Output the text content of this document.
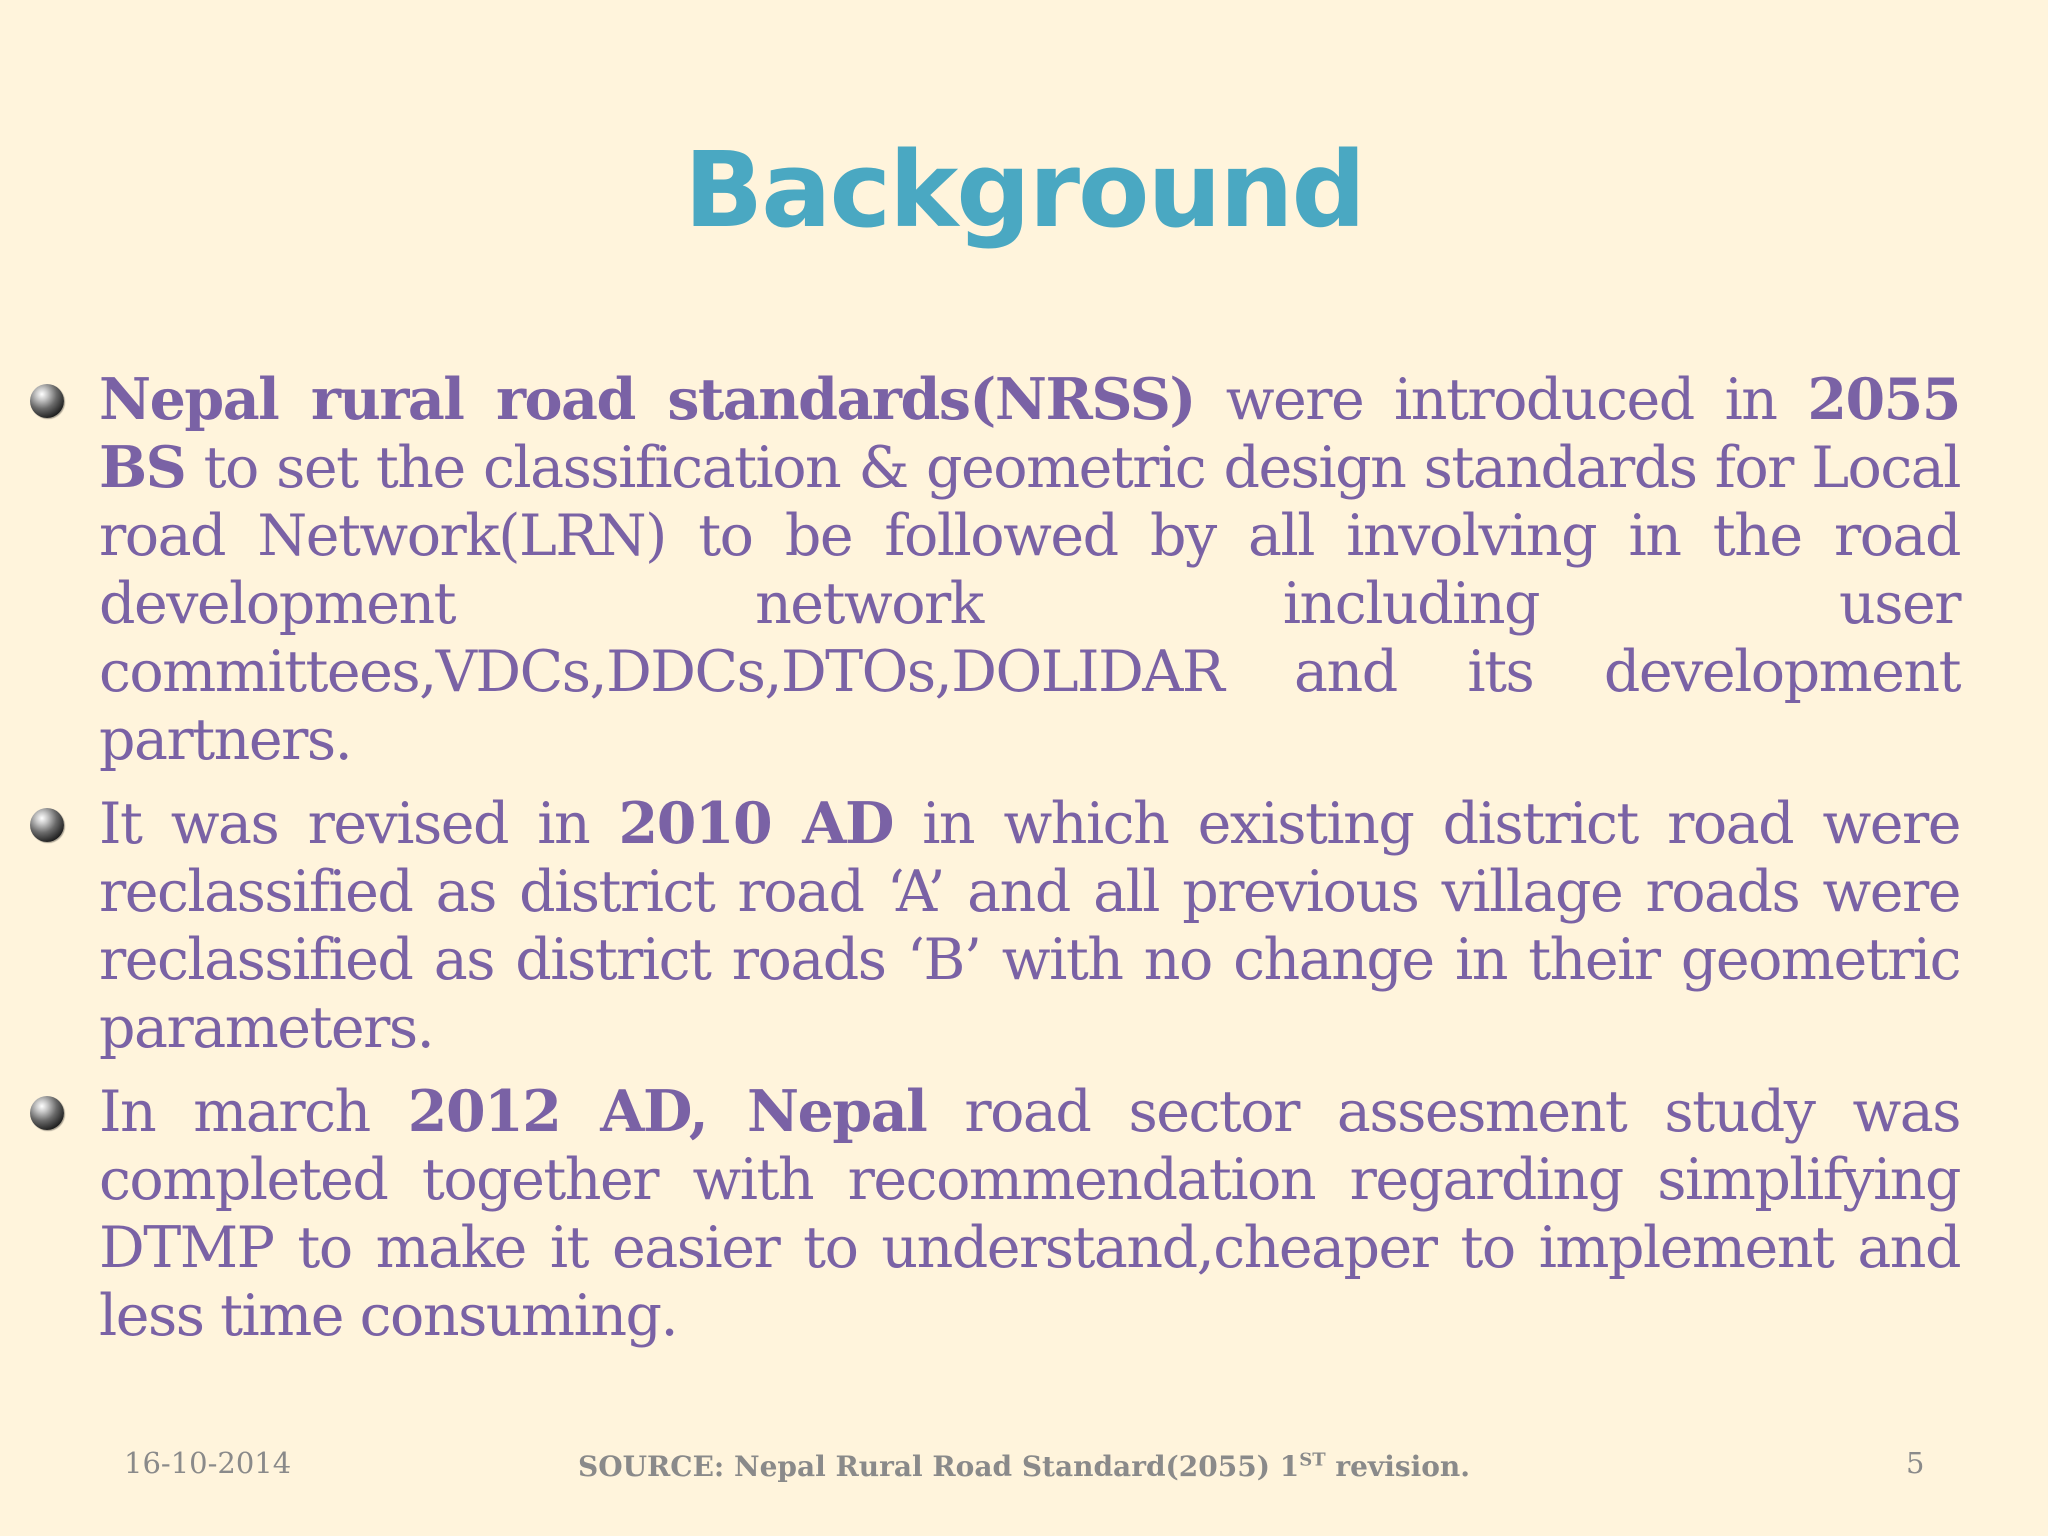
Background
Nepal rural road standards(NRSS) were introduced in 2055 BS to set the classification & geometric design standards for Local road Network(LRN) to be followed by all involving in the road development network including user committees,VDCs,DDCs,DTOs,DOLIDAR and its development partners.
It was revised in 2010 AD in which existing district road were reclassified as district road ‘A’ and all previous village roads were reclassified as district roads ‘B’ with no change in their geometric parameters.
In march 2012 AD, Nepal road sector assesment study was completed together with recommendation regarding simplifying DTMP to make it easier to understand,cheaper to implement and less time consuming.
16-10-2014	SOURCE: Nepal Rural Road Standard(2055) 1ST revision.	5
